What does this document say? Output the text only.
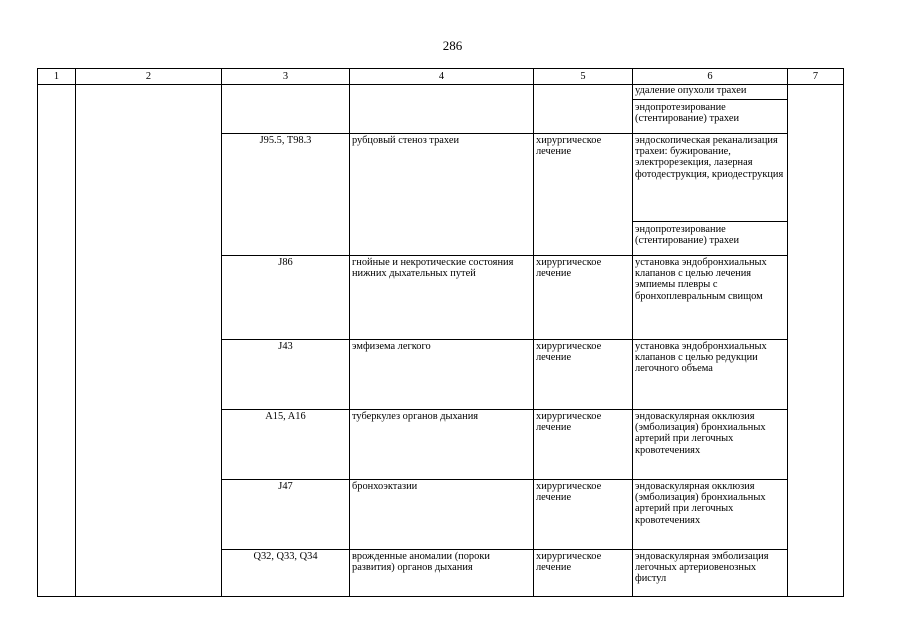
286
1	2	3	4	5	6	7
					удаление опухоли трахеи	
					эндопротезирование (стентирование) трахеи	
		J95.5, T98.3	рубцовый стеноз трахеи	хирургическое лечение	эндоскопическая реканализация трахеи: бужирование, электрорезекция, лазерная фотодеструкция, криодеструкция	
					эндопротезирование (стентирование) трахеи	
		J86	гнойные и некротические состояния нижних дыхательных путей	хирургическое лечение	установка эндобронхиальных клапанов с целью лечения эмпиемы плевры с бронхоплевральным свищом	
		J43	эмфизема легкого	хирургическое лечение	установка эндобронхиальных клапанов с целью редукции легочного объема	
		A15, A16	туберкулез органов дыхания	хирургическое лечение	эндоваскулярная окклюзия (эмболизация) бронхиальных артерий при легочных кровотечениях	
		J47	бронхоэктазии	хирургическое лечение	эндоваскулярная окклюзия (эмболизация) бронхиальных артерий при легочных кровотечениях	
		Q32, Q33, Q34	врожденные аномалии (пороки развития) органов дыхания	хирургическое лечение	эндоваскулярная эмболизация легочных артериовенозных фистул	
